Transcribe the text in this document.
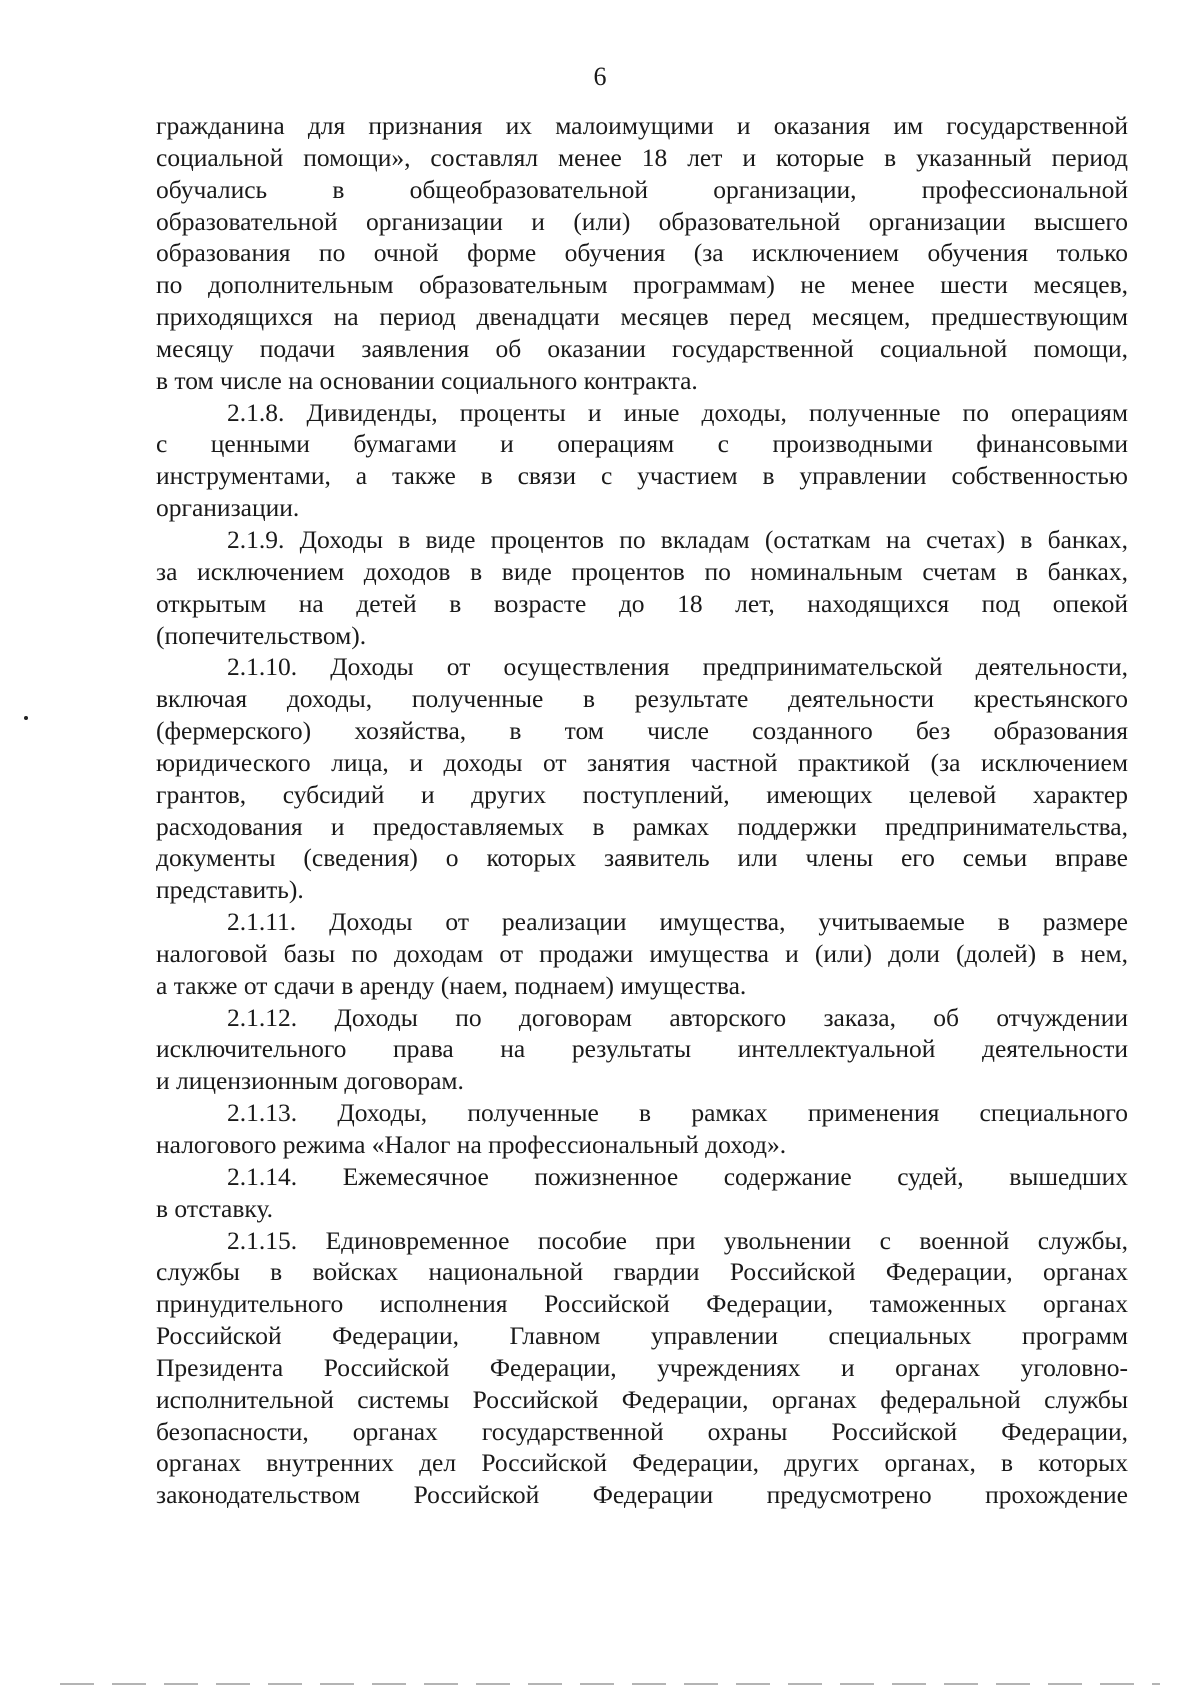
6
гражданина для признания их малоимущими и оказания им государственной
социальной помощи», составлял менее 18 лет и которые в указанный период
обучались в общеобразовательной организации, профессиональной
образовательной организации и (или) образовательной организации высшего
образования по очной форме обучения (за исключением обучения только
по дополнительным образовательным программам) не менее шести месяцев,
приходящихся на период двенадцати месяцев перед месяцем, предшествующим
месяцу подачи заявления об оказании государственной социальной помощи,
в том числе на основании социального контракта.
2.1.8. Дивиденды, проценты и иные доходы, полученные по операциям
с ценными бумагами и операциям с производными финансовыми
инструментами, а также в связи с участием в управлении собственностью
организации.
2.1.9. Доходы в виде процентов по вкладам (остаткам на счетах) в банках,
за исключением доходов в виде процентов по номинальным счетам в банках,
открытым на детей в возрасте до 18 лет, находящихся под опекой
(попечительством).
2.1.10. Доходы от осуществления предпринимательской деятельности,
включая доходы, полученные в результате деятельности крестьянского
(фермерского) хозяйства, в том числе созданного без образования
юридического лица, и доходы от занятия частной практикой (за исключением
грантов, субсидий и других поступлений, имеющих целевой характер
расходования и предоставляемых в рамках поддержки предпринимательства,
документы (сведения) о которых заявитель или члены его семьи вправе
представить).
2.1.11. Доходы от реализации имущества, учитываемые в размере
налоговой базы по доходам от продажи имущества и (или) доли (долей) в нем,
а также от сдачи в аренду (наем, поднаем) имущества.
2.1.12. Доходы по договорам авторского заказа, об отчуждении
исключительного права на результаты интеллектуальной деятельности
и лицензионным договорам.
2.1.13. Доходы, полученные в рамках применения специального
налогового режима «Налог на профессиональный доход».
2.1.14. Ежемесячное пожизненное содержание судей, вышедших
в отставку.
2.1.15. Единовременное пособие при увольнении с военной службы,
службы в войсках национальной гвардии Российской Федерации, органах
принудительного исполнения Российской Федерации, таможенных органах
Российской Федерации, Главном управлении специальных программ
Президента Российской Федерации, учреждениях и органах уголовно-
исполнительной системы Российской Федерации, органах федеральной службы
безопасности, органах государственной охраны Российской Федерации,
органах внутренних дел Российской Федерации, других органах, в которых
законодательством Российской Федерации предусмотрено прохождение
